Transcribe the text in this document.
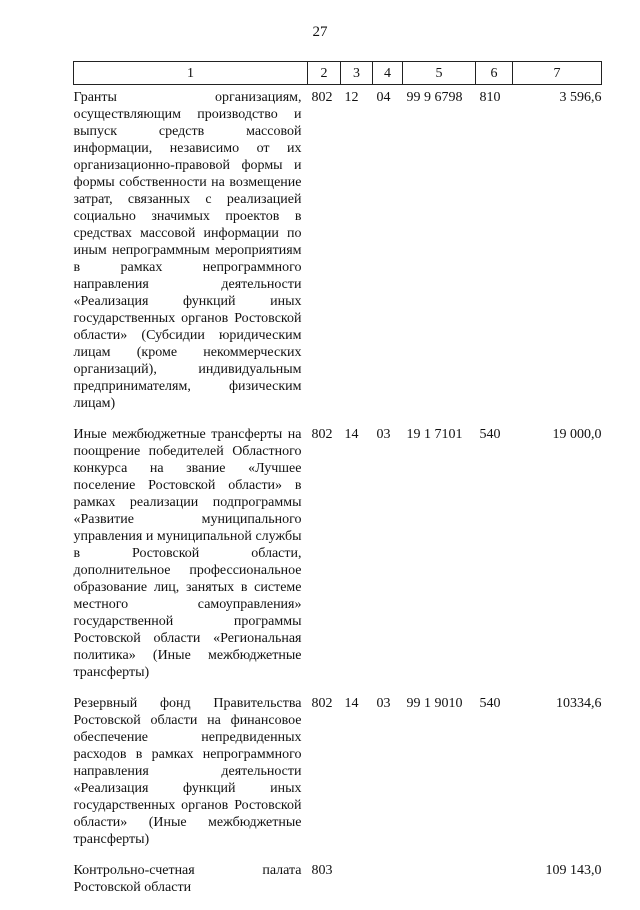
27
1	2	3	4	5	6	7
Гранты организациям, осуществляющим производство и выпуск средств массовой информации, независимо от их организационно-правовой формы и формы собственности на возмещение затрат, связанных с реализацией социально значимых проектов в средствах массовой информации по иным непрограммным мероприятиям в рамках непрограммного направления деятельности «Реализация функций иных государственных органов Ростовской области» (Субсидии юридическим лицам (кроме некоммерческих организаций), индивидуальным предпринимателям, физическим лицам)	802	12	04	99 9 6798	810	3 596,6
Иные межбюджетные трансферты на поощрение победителей Областного конкурса на звание «Лучшее поселение Ростовской области» в рамках реализации подпрограммы «Развитие муниципального управления и муниципальной службы в Ростовской области, дополнительное профессиональное образование лиц, занятых в системе местного самоуправления» государственной программы Ростовской области «Региональная политика» (Иные межбюджетные трансферты)	802	14	03	19 1 7101	540	19 000,0
Резервный фонд Правительства Ростовской области на финансовое обеспечение непредвиденных расходов в рамках непрограммного направления деятельности «Реализация функций иных государственных органов Ростовской области» (Иные межбюджетные трансферты)	802	14	03	99 1 9010	540	10334,6
Контрольно-счетная палата Ростовской области	803					109 143,0
